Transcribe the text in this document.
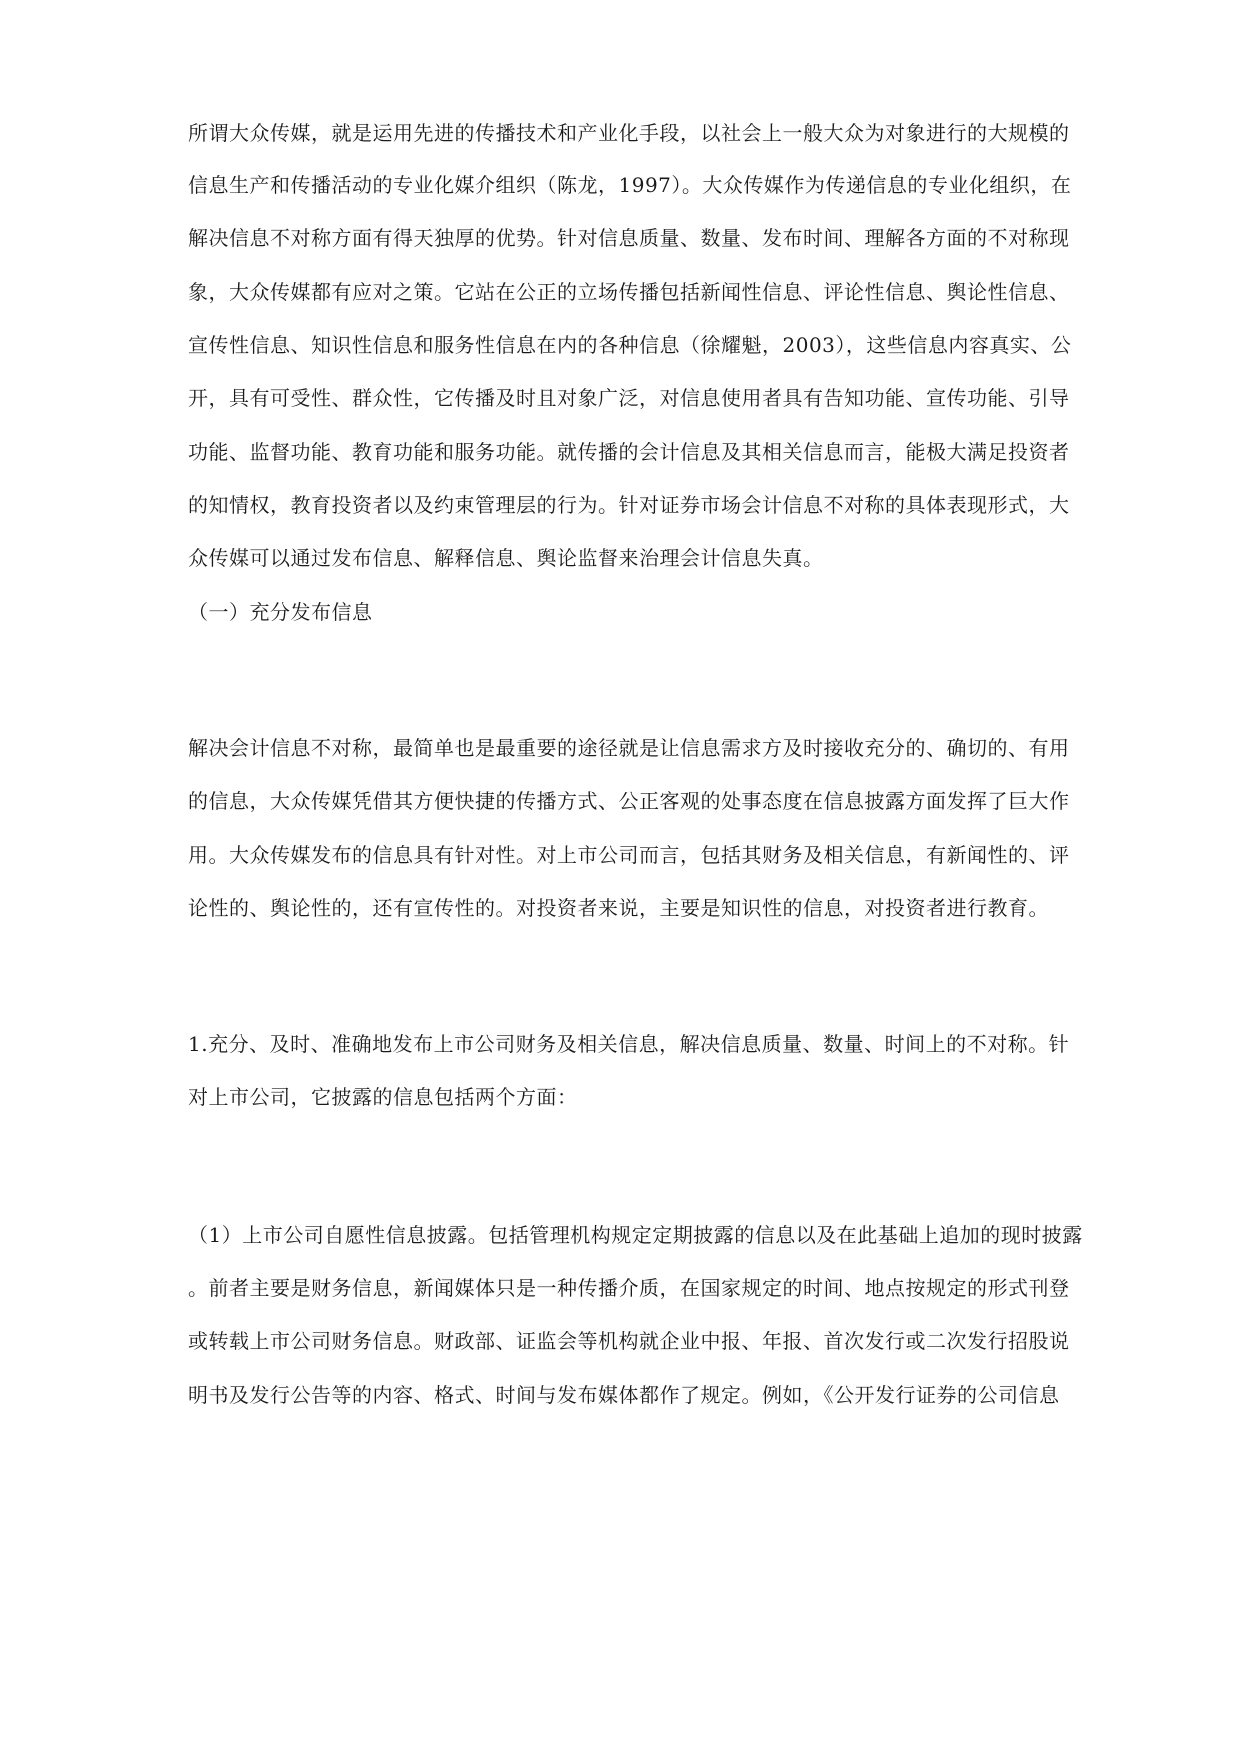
所谓大众传媒，就是运用先进的传播技术和产业化手段，以社会上一般大众为对象进行的大规模的
信息生产和传播活动的专业化媒介组织（陈龙，1997）。大众传媒作为传递信息的专业化组织，在
解决信息不对称方面有得天独厚的优势。针对信息质量、数量、发布时间、理解各方面的不对称现
象，大众传媒都有应对之策。它站在公正的立场传播包括新闻性信息、评论性信息、舆论性信息、
宣传性信息、知识性信息和服务性信息在内的各种信息（徐耀魁，2003），这些信息内容真实、公
开，具有可受性、群众性，它传播及时且对象广泛，对信息使用者具有告知功能、宣传功能、引导
功能、监督功能、教育功能和服务功能。就传播的会计信息及其相关信息而言，能极大满足投资者
的知情权，教育投资者以及约束管理层的行为。针对证券市场会计信息不对称的具体表现形式，大
众传媒可以通过发布信息、解释信息、舆论监督来治理会计信息失真。
（一）充分发布信息
解决会计信息不对称，最简单也是最重要的途径就是让信息需求方及时接收充分的、确切的、有用
的信息，大众传媒凭借其方便快捷的传播方式、公正客观的处事态度在信息披露方面发挥了巨大作
用。大众传媒发布的信息具有针对性。对上市公司而言，包括其财务及相关信息，有新闻性的、评
论性的、舆论性的，还有宣传性的。对投资者来说，主要是知识性的信息，对投资者进行教育。
1.充分、及时、准确地发布上市公司财务及相关信息，解决信息质量、数量、时间上的不对称。针
对上市公司，它披露的信息包括两个方面：
（1）上市公司自愿性信息披露。包括管理机构规定定期披露的信息以及在此基础上追加的现时披露
。前者主要是财务信息，新闻媒体只是一种传播介质，在国家规定的时间、地点按规定的形式刊登
或转载上市公司财务信息。财政部、证监会等机构就企业中报、年报、首次发行或二次发行招股说
明书及发行公告等的内容、格式、时间与发布媒体都作了规定。例如，《公开发行证券的公司信息
